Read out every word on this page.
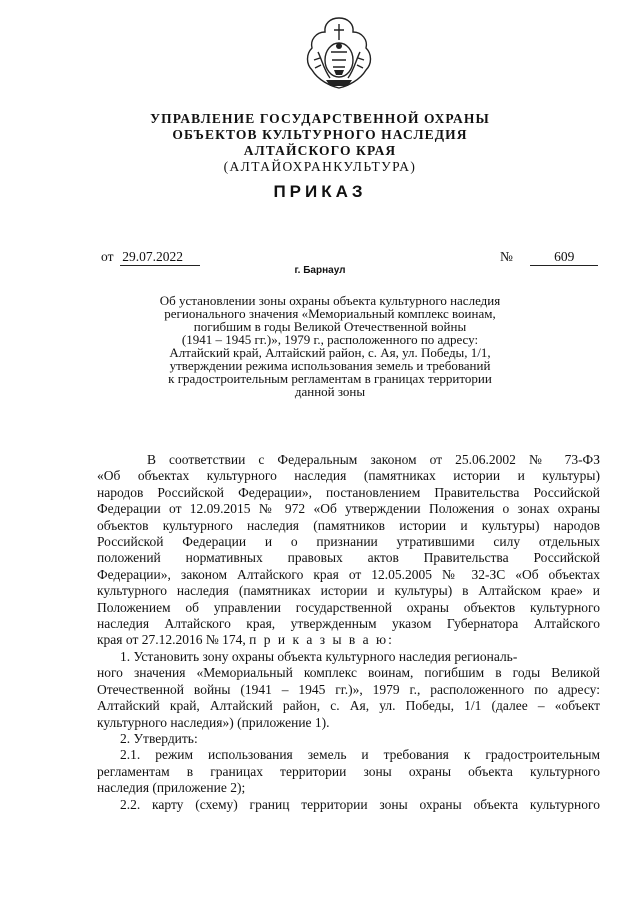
УПРАВЛЕНИЕ ГОСУДАРСТВЕННОЙ ОХРАНЫ
ОБЪЕКТОВ КУЛЬТУРНОГО НАСЛЕДИЯ
АЛТАЙСКОГО КРАЯ
(АЛТАЙОХРАНКУЛЬТУРА)
ПРИКАЗ
от 29.07.2022	№	609
г. Барнаул
Об установлении зоны охраны объекта культурного наследия
регионального значения «Мемориальный комплекс воинам,
погибшим в годы Великой Отечественной войны
(1941 – 1945 гг.)», 1979 г., расположенного по адресу:
Алтайский край, Алтайский район, с. Ая, ул. Победы, 1/1,
утверждении режима использования земель и требований
к градостроительным регламентам в границах территории
данной зоны
В соответствии с Федеральным законом от 25.06.2002 № 73-ФЗ
«Об объектах культурного наследия (памятниках истории и культуры)
народов Российской Федерации», постановлением Правительства Российской
Федерации от 12.09.2015 № 972 «Об утверждении Положения о зонах охраны
объектов культурного наследия (памятников истории и культуры) народов
Российской Федерации и о признании утратившими силу отдельных
положений нормативных правовых актов Правительства Российской
Федерации», законом Алтайского края от 12.05.2005 № 32-ЗС «Об объектах
культурного наследия (памятниках истории и культуры) в Алтайском крае» и
Положением об управлении государственной охраны объектов культурного
наследия Алтайского края, утвержденным указом Губернатора Алтайского
края от 27.12.2016 № 174, п р и к а з ы в а ю:
1. Установить зону охраны объекта культурного наследия региональ-
ного значения «Мемориальный комплекс воинам, погибшим в годы Великой
Отечественной войны (1941 – 1945 гг.)», 1979 г., расположенного по адресу:
Алтайский край, Алтайский район, с. Ая, ул. Победы, 1/1 (далее – «объект
культурного наследия») (приложение 1).
2. Утвердить:
2.1. режим использования земель и требования к градостроительным
регламентам в границах территории зоны охраны объекта культурного
наследия (приложение 2);
2.2. карту (схему) границ территории зоны охраны объекта культурного
